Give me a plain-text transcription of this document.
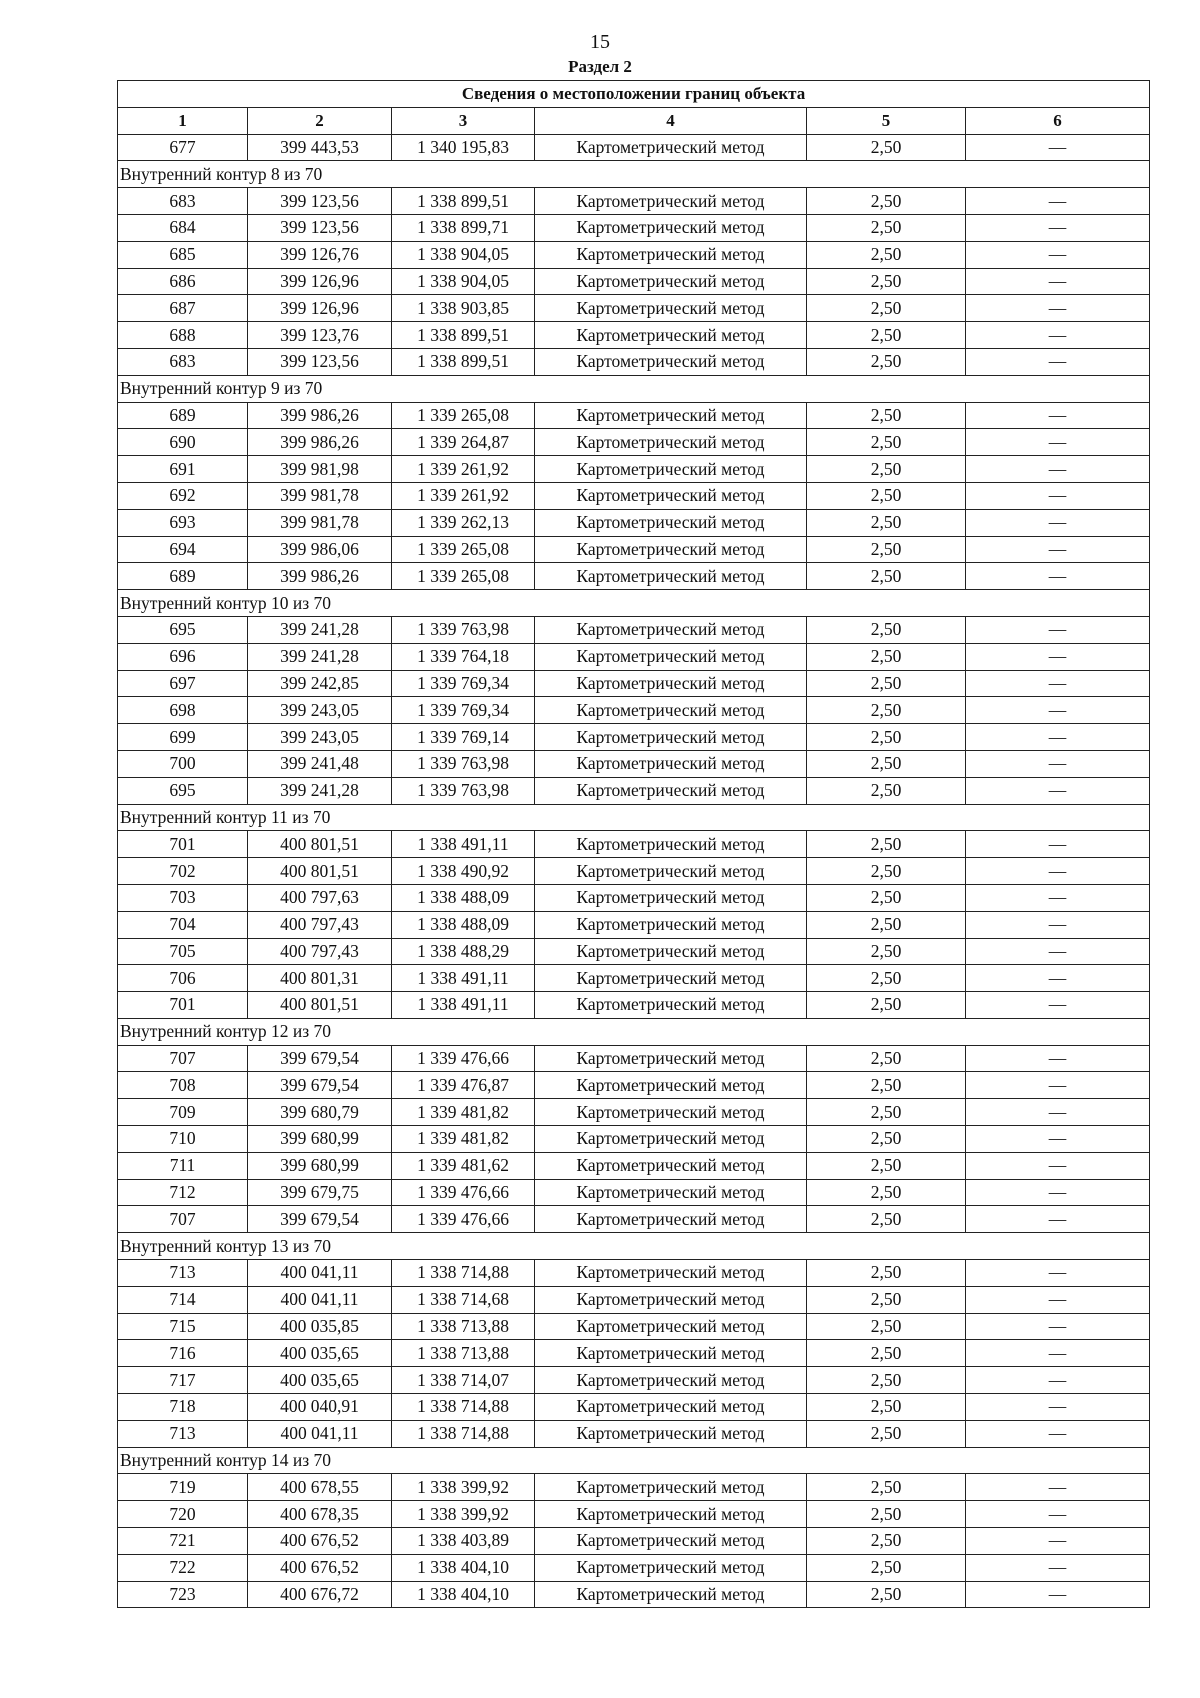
15
Раздел 2
Сведения о местоположении границ объекта					
1	2	3	4	5	6
677	399 443,53	1 340 195,83	Картометрический метод	2,50	—
Внутренний контур 8 из 70					
683	399 123,56	1 338 899,51	Картометрический метод	2,50	—
684	399 123,56	1 338 899,71	Картометрический метод	2,50	—
685	399 126,76	1 338 904,05	Картометрический метод	2,50	—
686	399 126,96	1 338 904,05	Картометрический метод	2,50	—
687	399 126,96	1 338 903,85	Картометрический метод	2,50	—
688	399 123,76	1 338 899,51	Картометрический метод	2,50	—
683	399 123,56	1 338 899,51	Картометрический метод	2,50	—
Внутренний контур 9 из 70					
689	399 986,26	1 339 265,08	Картометрический метод	2,50	—
690	399 986,26	1 339 264,87	Картометрический метод	2,50	—
691	399 981,98	1 339 261,92	Картометрический метод	2,50	—
692	399 981,78	1 339 261,92	Картометрический метод	2,50	—
693	399 981,78	1 339 262,13	Картометрический метод	2,50	—
694	399 986,06	1 339 265,08	Картометрический метод	2,50	—
689	399 986,26	1 339 265,08	Картометрический метод	2,50	—
Внутренний контур 10 из 70					
695	399 241,28	1 339 763,98	Картометрический метод	2,50	—
696	399 241,28	1 339 764,18	Картометрический метод	2,50	—
697	399 242,85	1 339 769,34	Картометрический метод	2,50	—
698	399 243,05	1 339 769,34	Картометрический метод	2,50	—
699	399 243,05	1 339 769,14	Картометрический метод	2,50	—
700	399 241,48	1 339 763,98	Картометрический метод	2,50	—
695	399 241,28	1 339 763,98	Картометрический метод	2,50	—
Внутренний контур 11 из 70					
701	400 801,51	1 338 491,11	Картометрический метод	2,50	—
702	400 801,51	1 338 490,92	Картометрический метод	2,50	—
703	400 797,63	1 338 488,09	Картометрический метод	2,50	—
704	400 797,43	1 338 488,09	Картометрический метод	2,50	—
705	400 797,43	1 338 488,29	Картометрический метод	2,50	—
706	400 801,31	1 338 491,11	Картометрический метод	2,50	—
701	400 801,51	1 338 491,11	Картометрический метод	2,50	—
Внутренний контур 12 из 70					
707	399 679,54	1 339 476,66	Картометрический метод	2,50	—
708	399 679,54	1 339 476,87	Картометрический метод	2,50	—
709	399 680,79	1 339 481,82	Картометрический метод	2,50	—
710	399 680,99	1 339 481,82	Картометрический метод	2,50	—
711	399 680,99	1 339 481,62	Картометрический метод	2,50	—
712	399 679,75	1 339 476,66	Картометрический метод	2,50	—
707	399 679,54	1 339 476,66	Картометрический метод	2,50	—
Внутренний контур 13 из 70					
713	400 041,11	1 338 714,88	Картометрический метод	2,50	—
714	400 041,11	1 338 714,68	Картометрический метод	2,50	—
715	400 035,85	1 338 713,88	Картометрический метод	2,50	—
716	400 035,65	1 338 713,88	Картометрический метод	2,50	—
717	400 035,65	1 338 714,07	Картометрический метод	2,50	—
718	400 040,91	1 338 714,88	Картометрический метод	2,50	—
713	400 041,11	1 338 714,88	Картометрический метод	2,50	—
Внутренний контур 14 из 70					
719	400 678,55	1 338 399,92	Картометрический метод	2,50	—
720	400 678,35	1 338 399,92	Картометрический метод	2,50	—
721	400 676,52	1 338 403,89	Картометрический метод	2,50	—
722	400 676,52	1 338 404,10	Картометрический метод	2,50	—
723	400 676,72	1 338 404,10	Картометрический метод	2,50	—
